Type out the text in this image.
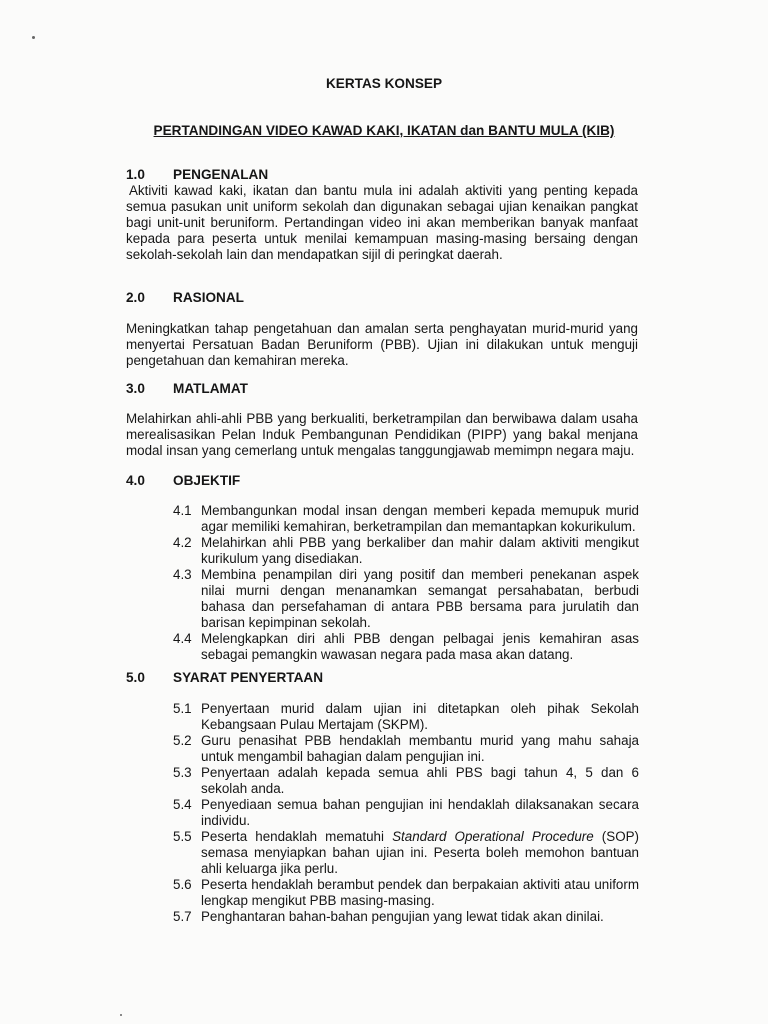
KERTAS KONSEP
PERTANDINGAN VIDEO KAWAD KAKI, IKATAN dan BANTU MULA (KIB)
1.0 PENGENALAN

Aktiviti kawad kaki, ikatan dan bantu mula ini adalah aktiviti yang penting kepada semua pasukan unit uniform sekolah dan digunakan sebagai ujian kenaikan pangkat bagi unit-unit beruniform. Pertandingan video ini akan memberikan banyak manfaat kepada para peserta untuk menilai kemampuan masing-masing bersaing dengan sekolah-sekolah lain dan mendapatkan sijil di peringkat daerah.

2.0 RASIONAL

Meningkatkan tahap pengetahuan dan amalan serta penghayatan murid-murid yang menyertai Persatuan Badan Beruniform (PBB). Ujian ini dilakukan untuk menguji pengetahuan dan kemahiran mereka.

3.0 MATLAMAT

Melahirkan ahli-ahli PBB yang berkualiti, berketrampilan dan berwibawa dalam usaha merealisasikan Pelan Induk Pembangunan Pendidikan (PIPP) yang bakal menjana modal insan yang cemerlang untuk mengalas tanggungjawab memimpn negara maju.

4.0 OBJEKTIF
4.1 Membangunkan modal insan dengan memberi kepada memupuk murid agar memiliki kemahiran, berketrampilan dan memantapkan kokurikulum.
4.2 Melahirkan ahli PBB yang berkaliber dan mahir dalam aktiviti mengikut kurikulum yang disediakan.
4.3 Membina penampilan diri yang positif dan memberi penekanan aspek nilai murni dengan menanamkan semangat persahabatan, berbudi bahasa dan persefahaman di antara PBB bersama para jurulatih dan barisan kepimpinan sekolah.
4.4 Melengkapkan diri ahli PBB dengan pelbagai jenis kemahiran asas sebagai pemangkin wawasan negara pada masa akan datang.
5.0 SYARAT PENYERTAAN
5.1 Penyertaan murid dalam ujian ini ditetapkan oleh pihak Sekolah Kebangsaan Pulau Mertajam (SKPM).
5.2 Guru penasihat PBB hendaklah membantu murid yang mahu sahaja untuk mengambil bahagian dalam pengujian ini.
5.3 Penyertaan adalah kepada semua ahli PBS bagi tahun 4, 5 dan 6 sekolah anda.
5.4 Penyediaan semua bahan pengujian ini hendaklah dilaksanakan secara individu.
5.5 Peserta hendaklah mematuhi Standard Operational Procedure (SOP) semasa menyiapkan bahan ujian ini. Peserta boleh memohon bantuan ahli keluarga jika perlu.
5.6 Peserta hendaklah berambut pendek dan berpakaian aktiviti atau uniform lengkap mengikut PBB masing-masing.
5.7 Penghantaran bahan-bahan pengujian yang lewat tidak akan dinilai.
